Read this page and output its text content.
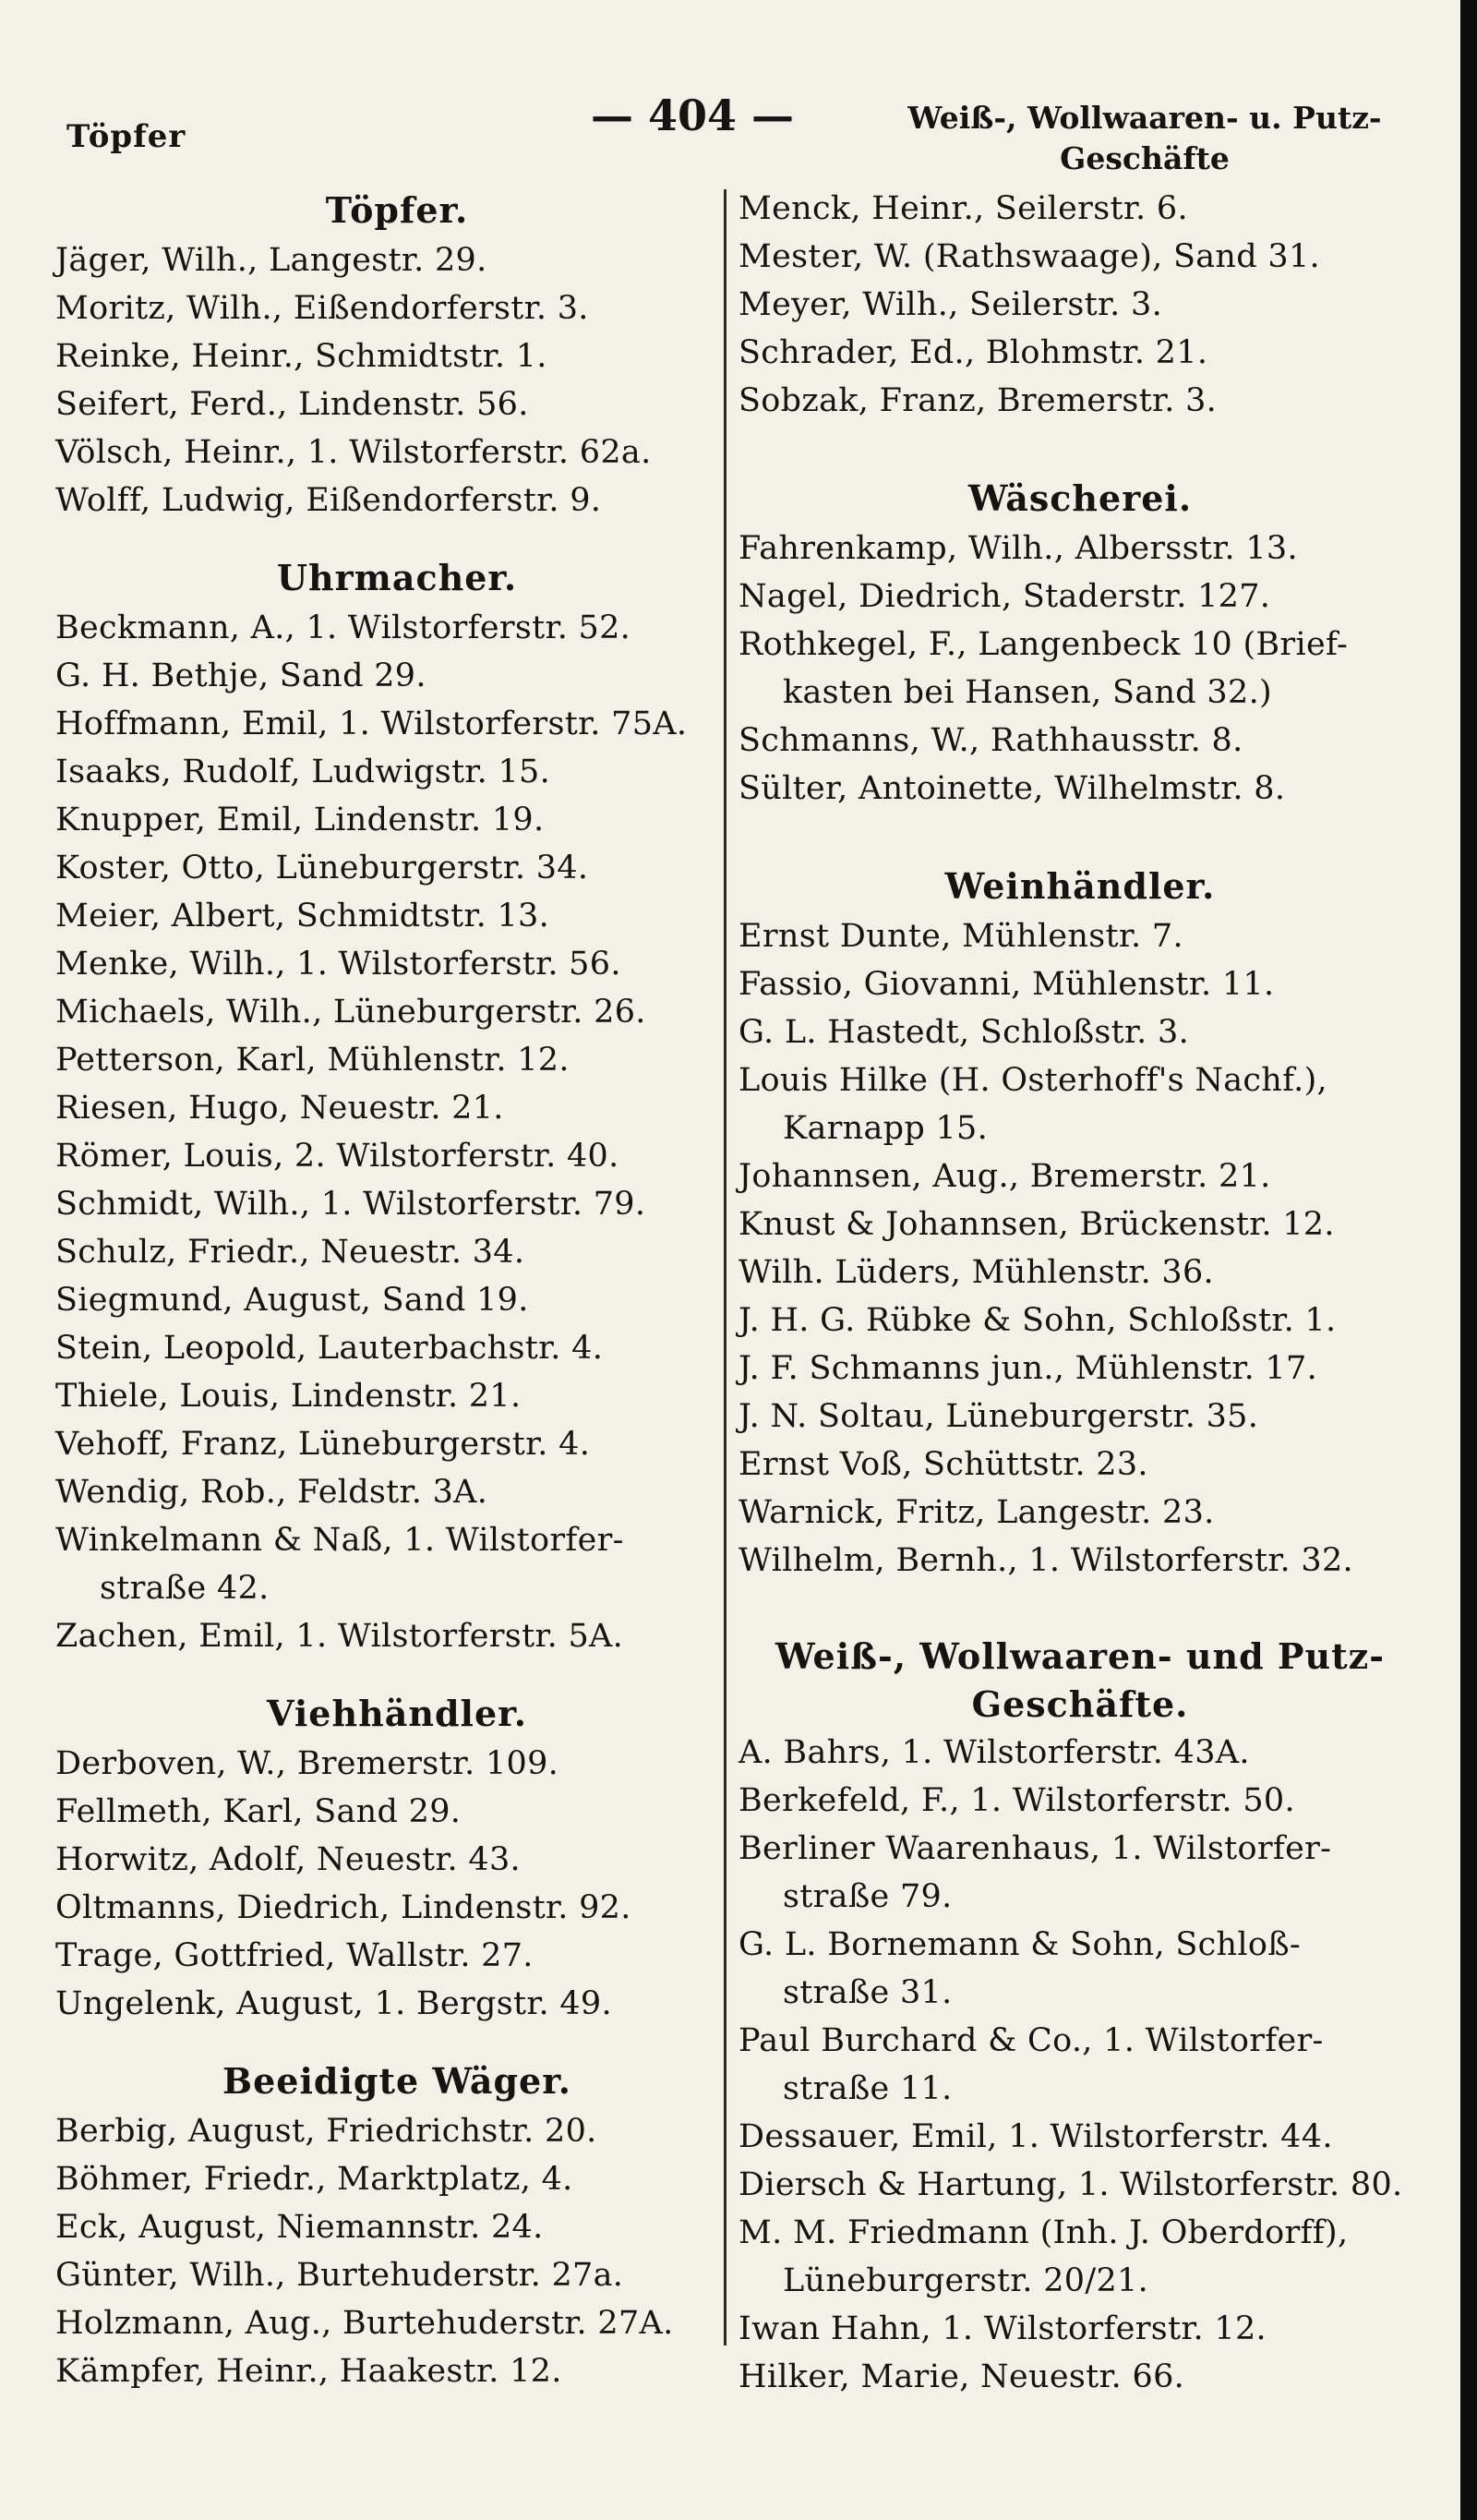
Töpfer	— 404 —	Weiß-, Wollwaaren- u. Putz-
Geschäfte
Töpfer.
Jäger, Wilh., Langestr. 29.
Moritz, Wilh., Eißendorferstr. 3.
Reinke, Heinr., Schmidtstr. 1.
Seifert, Ferd., Lindenstr. 56.
Völsch, Heinr., 1. Wilstorferstr. 62a.
Wolff, Ludwig, Eißendorferstr. 9.
Uhrmacher.
Beckmann, A., 1. Wilstorferstr. 52.
G. H. Bethje, Sand 29.
Hoffmann, Emil, 1. Wilstorferstr. 75A.
Isaaks, Rudolf, Ludwigstr. 15.
Knupper, Emil, Lindenstr. 19.
Koster, Otto, Lüneburgerstr. 34.
Meier, Albert, Schmidtstr. 13.
Menke, Wilh., 1. Wilstorferstr. 56.
Michaels, Wilh., Lüneburgerstr. 26.
Petterson, Karl, Mühlenstr. 12.
Riesen, Hugo, Neuestr. 21.
Römer, Louis, 2. Wilstorferstr. 40.
Schmidt, Wilh., 1. Wilstorferstr. 79.
Schulz, Friedr., Neuestr. 34.
Siegmund, August, Sand 19.
Stein, Leopold, Lauterbachstr. 4.
Thiele, Louis, Lindenstr. 21.
Vehoff, Franz, Lüneburgerstr. 4.
Wendig, Rob., Feldstr. 3A.
Winkelmann & Naß, 1. Wilstorfer-
straße 42.
Zachen, Emil, 1. Wilstorferstr. 5A.
Viehhändler.
Derboven, W., Bremerstr. 109.
Fellmeth, Karl, Sand 29.
Horwitz, Adolf, Neuestr. 43.
Oltmanns, Diedrich, Lindenstr. 92.
Trage, Gottfried, Wallstr. 27.
Ungelenk, August, 1. Bergstr. 49.
Beeidigte Wäger.
Berbig, August, Friedrichstr. 20.
Böhmer, Friedr., Marktplatz, 4.
Eck, August, Niemannstr. 24.
Günter, Wilh., Burtehuderstr. 27a.
Holzmann, Aug., Burtehuderstr. 27A.
Kämpfer, Heinr., Haakestr. 12.
Menck, Heinr., Seilerstr. 6.
Mester, W. (Rathswaage), Sand 31.
Meyer, Wilh., Seilerstr. 3.
Schrader, Ed., Blohmstr. 21.
Sobzak, Franz, Bremerstr. 3.
Wäscherei.
Fahrenkamp, Wilh., Albersstr. 13.
Nagel, Diedrich, Staderstr. 127.
Rothkegel, F., Langenbeck 10 (Brief-
kasten bei Hansen, Sand 32.)
Schmanns, W., Rathhausstr. 8.
Sülter, Antoinette, Wilhelmstr. 8.
Weinhändler.
Ernst Dunte, Mühlenstr. 7.
Fassio, Giovanni, Mühlenstr. 11.
G. L. Hastedt, Schloßstr. 3.
Louis Hilke (H. Osterhoff's Nachf.),
Karnapp 15.
Johannsen, Aug., Bremerstr. 21.
Knust & Johannsen, Brückenstr. 12.
Wilh. Lüders, Mühlenstr. 36.
J. H. G. Rübke & Sohn, Schloßstr. 1.
J. F. Schmanns jun., Mühlenstr. 17.
J. N. Soltau, Lüneburgerstr. 35.
Ernst Voß, Schüttstr. 23.
Warnick, Fritz, Langestr. 23.
Wilhelm, Bernh., 1. Wilstorferstr. 32.
Weiß-, Wollwaaren- und Putz-
Geschäfte.
A. Bahrs, 1. Wilstorferstr. 43A.
Berkefeld, F., 1. Wilstorferstr. 50.
Berliner Waarenhaus, 1. Wilstorfer-
straße 79.
G. L. Bornemann & Sohn, Schloß-
straße 31.
Paul Burchard & Co., 1. Wilstorfer-
straße 11.
Dessauer, Emil, 1. Wilstorferstr. 44.
Diersch & Hartung, 1. Wilstorferstr. 80.
M. M. Friedmann (Inh. J. Oberdorff),
Lüneburgerstr. 20/21.
Iwan Hahn, 1. Wilstorferstr. 12.
Hilker, Marie, Neuestr. 66.
